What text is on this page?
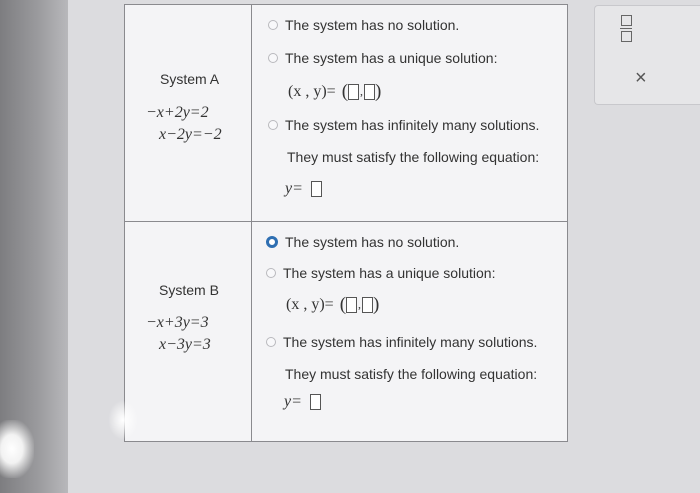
System A
−x+2y=2
x−2y=−2
The system has no solution.
The system has a unique solution:
(x , y)= ( , )
The system has infinitely many solutions.
They must satisfy the following equation:
y=
System B
−x+3y=3
x−3y=3
The system has no solution.
The system has a unique solution:
(x , y)= ( , )
The system has infinitely many solutions.
They must satisfy the following equation:
y=
×
